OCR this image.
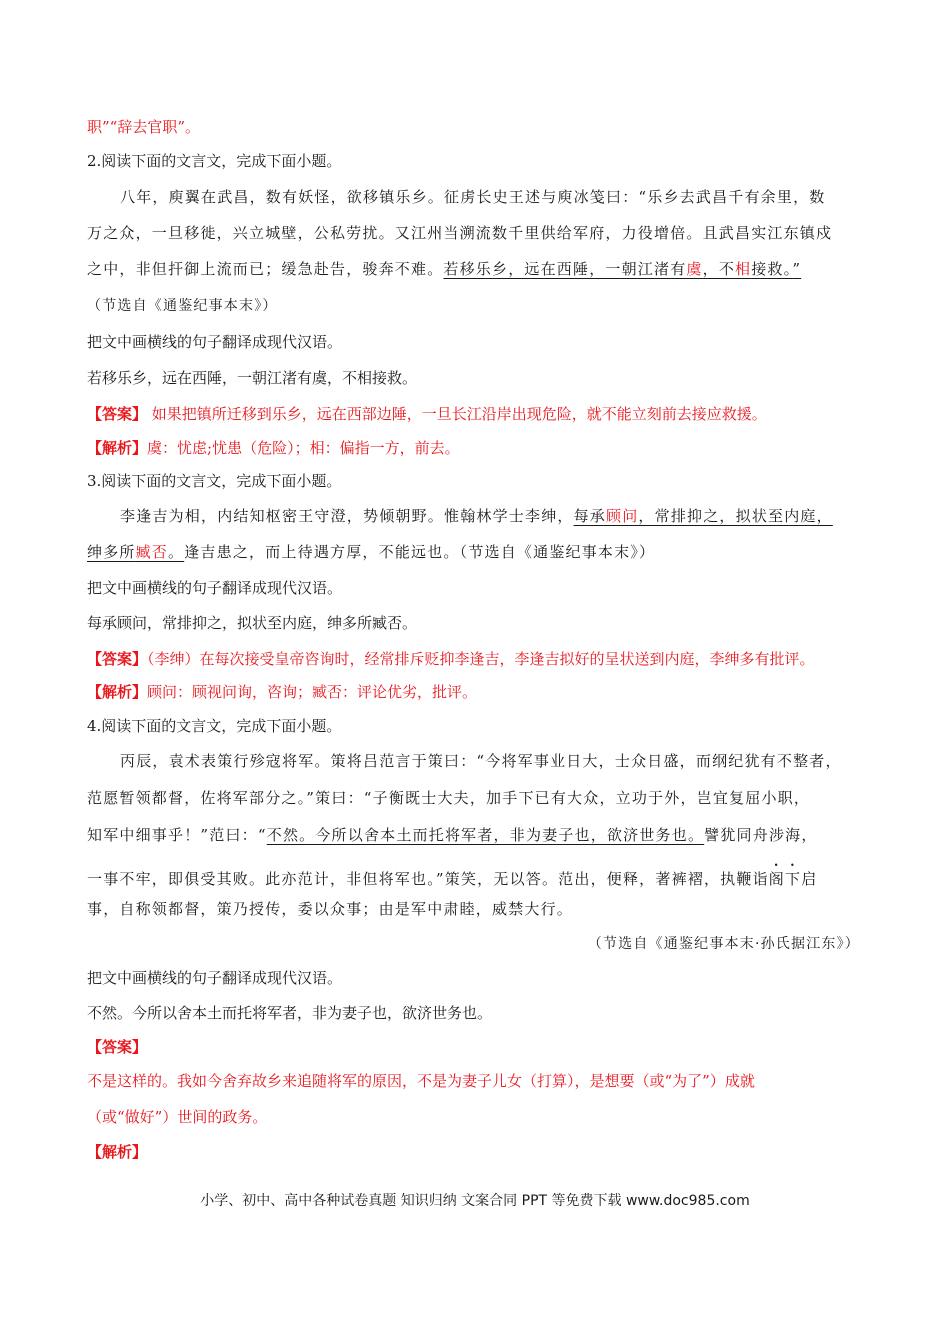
职”“辞去官职”。
2.阅读下面的文言文，完成下面小题。
八年，庾翼在武昌，数有妖怪，欲移镇乐乡。征虏长史王述与庾冰笺曰：“乐乡去武昌千有余里，数
万之众，一旦移徙，兴立城壁，公私劳扰。又江州当溯流数千里供给军府，力役增倍。且武昌实江东镇戍
之中，非但扞御上流而已；缓急赴告，骏奔不难。若移乐乡，远在西陲，一朝江渚有虞，不相接救。”
（节选自《通鉴纪事本末》）
把文中画横线的句子翻译成现代汉语。
若移乐乡，远在西陲，一朝江渚有虞，不相接救。
【答案】 如果把镇所迁移到乐乡，远在西部边陲，一旦长江沿岸出现危险，就不能立刻前去接应救援。
【解析】虞：忧虑;忧患（危险）；相：偏指一方，前去。
3.阅读下面的文言文，完成下面小题。
李逢吉为相，内结知枢密王守澄，势倾朝野。惟翰林学士李绅，每承顾问，常排抑之，拟状至内庭，
绅多所臧否。逢吉患之，而上待遇方厚，不能远也。（节选自《通鉴纪事本末》）
把文中画横线的句子翻译成现代汉语。
每承顾问，常排抑之，拟状至内庭，绅多所臧否。
【答案】（李绅）在每次接受皇帝咨询时，经常排斥贬抑李逢吉，李逢吉拟好的呈状送到内庭，李绅多有批评。
【解析】顾问：顾视问询，咨询；臧否：评论优劣，批评。
4.阅读下面的文言文，完成下面小题。
丙辰，袁术表策行殄寇将军。策将吕范言于策曰：“今将军事业日大，士众日盛，而纲纪犹有不整者，
范愿暂领都督，佐将军部分之。”策曰：“子衡既士大夫，加手下已有大众，立功于外，岂宜复屈小职，
知军中细事乎！”范曰：“不然。今所以舍本土而托将军者，非为妻子也，欲济世务也。譬犹同舟涉海，
一事不牢，即俱受其败。此亦范计，非但将军也。”策笑，无以答。范出，便释，著裤褶，执鞭诣阁下启
事，自称领都督，策乃授传，委以众事；由是军中肃睦，威禁大行。
（节选自《通鉴纪事本末·孙氏据江东》）
把文中画横线的句子翻译成现代汉语。
不然。今所以舍本土而托将军者，非为妻子也，欲济世务也。
【答案】
不是这样的。我如今舍弃故乡来追随将军的原因，不是为妻子儿女（打算），是想要（或“为了”）成就
（或“做好”）世间的政务。
【解析】
小学、初中、高中各种试卷真题 知识归纳 文案合同 PPT 等免费下载 www.doc985.com
